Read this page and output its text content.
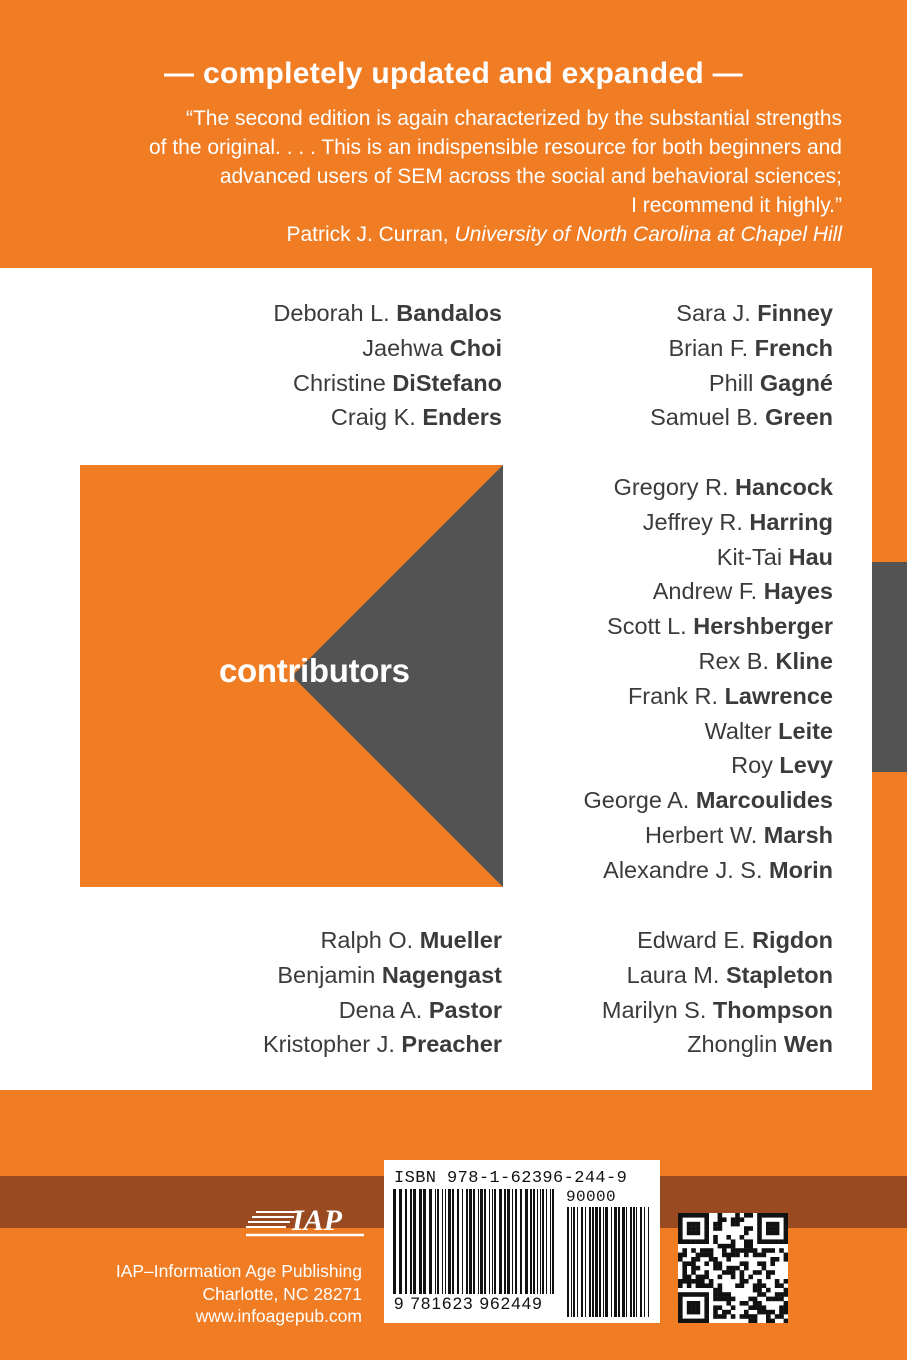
— completely updated and expanded —
“The second edition is again characterized by the substantial strengths
of the original. . . . This is an indispensible resource for both beginners and
advanced users of SEM across the social and behavioral sciences;
I recommend it highly.”
Patrick J. Curran, University of North Carolina at Chapel Hill
contributors
Deborah L. Bandalos
Jaehwa Choi
Christine DiStefano
Craig K. Enders
Sara J. Finney
Brian F. French
Phill Gagné
Samuel B. Green
Gregory R. Hancock
Jeffrey R. Harring
Kit-Tai Hau
Andrew F. Hayes
Scott L. Hershberger
Rex B. Kline
Frank R. Lawrence
Walter Leite
Roy Levy
George A. Marcoulides
Herbert W. Marsh
Alexandre J. S. Morin
Ralph O. Mueller
Benjamin Nagengast
Dena A. Pastor
Kristopher J. Preacher
Edward E. Rigdon
Laura M. Stapleton
Marilyn S. Thompson
Zhonglin Wen
IAP
IAP–Information Age Publishing
Charlotte, NC 28271
www.infoagepub.com
ISBN 978-1-62396-244-9
90000
9 781623 962449
